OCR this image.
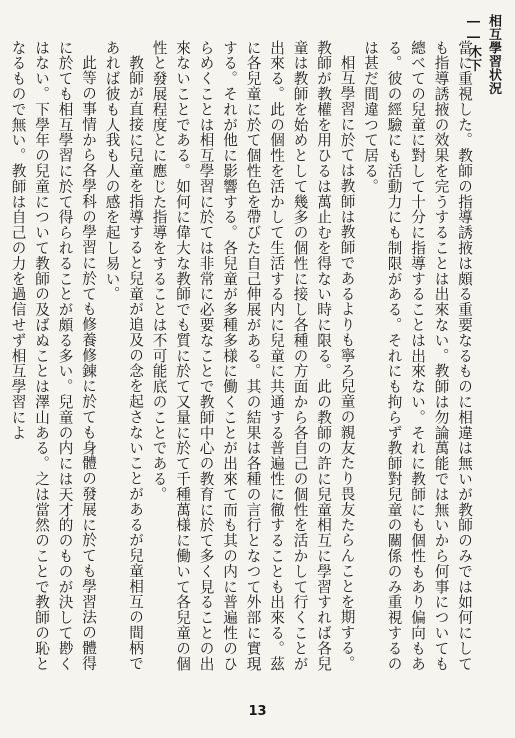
相互學習状況――木下

當に重視した。教師の指導誘掖は頗る重要なるものに相違は無いが教師のみでは如何にしても指導誘掖の效果を完うすることは出來ない。教師は勿論萬能では無いから何事についても總べての兒童に對して十分に指導することは出來ない。それに教師にも個性もあり偏向もある。彼の經驗にも活動力にも制限がある。それにも拘らず教師對兒童の關係のみ重視するのは甚だ間違つて居る。

相互學習に於ては教師は教師であるよりも寧ろ兒童の親友たり畏友たらんことを期する。教師が教權を用ひるは萬止むを得ない時に限る。此の教師の許に兒童相互に學習すれば各兒童は教師を始めとして幾多の個性に接し各種の方面から各自己の個性を活かして行くことが出來る。此の個性を活かして生活する内に兒童に共通する普遍性に徹することも出來る。茲に各兒童に於て個性色を帶びた自己伸展がある。其の結果は各種の言行となつて外部に實現する。それが他に影響する。各兒童が多種多様に働くことが出來て而も其の内に普遍性のひらめくことは相互學習に於ては非常に必要なことで教師中心の教育に於て多く見ることの出來ないことである。如何に偉大な教師でも質に於て又量に於て千種萬様に働いて各兒童の個性と發展程度とに應じた指導をすることは不可能底のことである。

教師が直接に兒童を指導すると兒童が追及の念を起さないことがあるが兒童相互の間柄であれば彼も人我も人の感を起し易い。

此等の事情から各學科の學習に於ても修養修錬に於ても身體の發展に於ても學習法の體得に於ても相互學習に於て得られることが頗る多い。兒童の内には天才的のものが決して尠くはない。下學年の兒童について教師の及ばぬことは澤山ある。之は當然のことで教師の恥となるもので無い。教師は自己の力を過信せず相互學習によ

13
